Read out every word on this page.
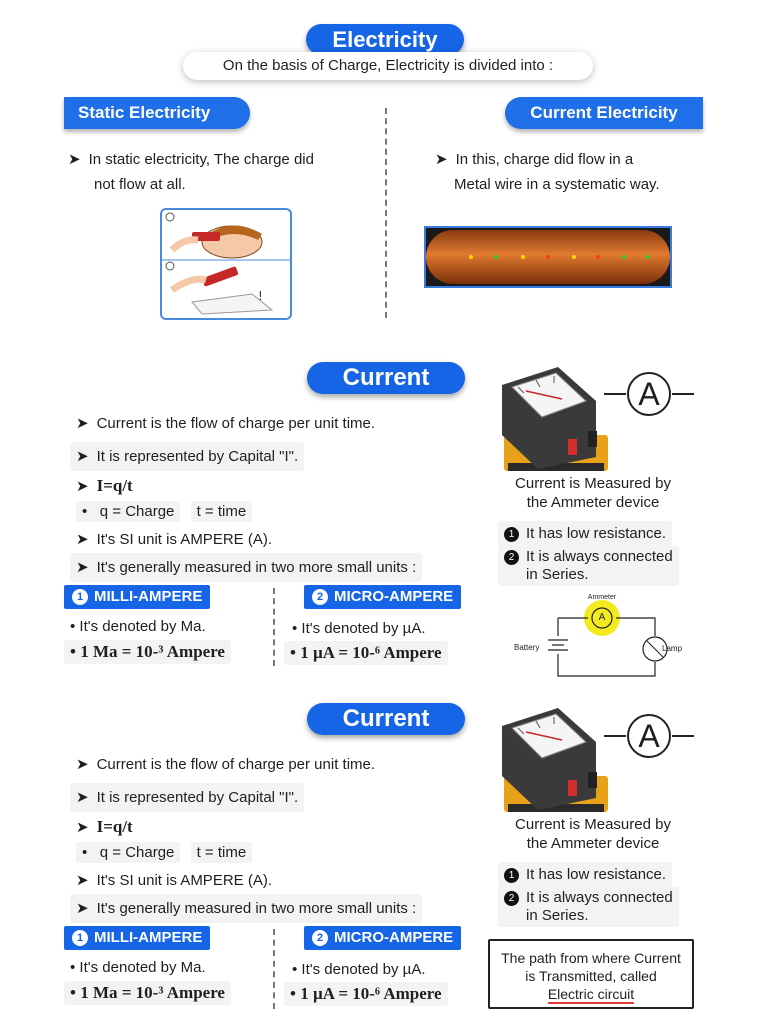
Electricity
On the basis of Charge, Electricity is divided into :
Static Electricity	Current Electricity
➤ In static electricity, The charge did
not flow at all.
➤ In this, charge did flow in a
Metal wire in a systematic way.
!
Current
➤ Current is the flow of charge per unit time.
➤ It is represented by Capital "I".
➤ I=q/t
•   q = Charge t = time
➤ It's SI unit is AMPERE (A).
➤ It's generally measured in two more small units :
1 MILLI-AMPERE	2 MICRO-AMPERE
• It's denoted by Ma.
• 1 Ma = 10-³ Ampere
• It's denoted by µA.
• 1 µA = 10-⁶ Ampere
A
Current is Measured by
the Ammeter device
1 It has low resistance.
2 It is always connected
in Series.
Ammeter
A
Battery	Lamp
Current
➤ Current is the flow of charge per unit time.
➤ It is represented by Capital "I".
➤ I=q/t
•   q = Charge t = time
➤ It's SI unit is AMPERE (A).
➤ It's generally measured in two more small units :
1 MILLI-AMPERE	2 MICRO-AMPERE
• It's denoted by Ma.
• 1 Ma = 10-³ Ampere
• It's denoted by µA.
• 1 µA = 10-⁶ Ampere
A
Current is Measured by
the Ammeter device
1 It has low resistance.
2 It is always connected
in Series.
The path from where Current
is Transmitted, called
Electric circuit
